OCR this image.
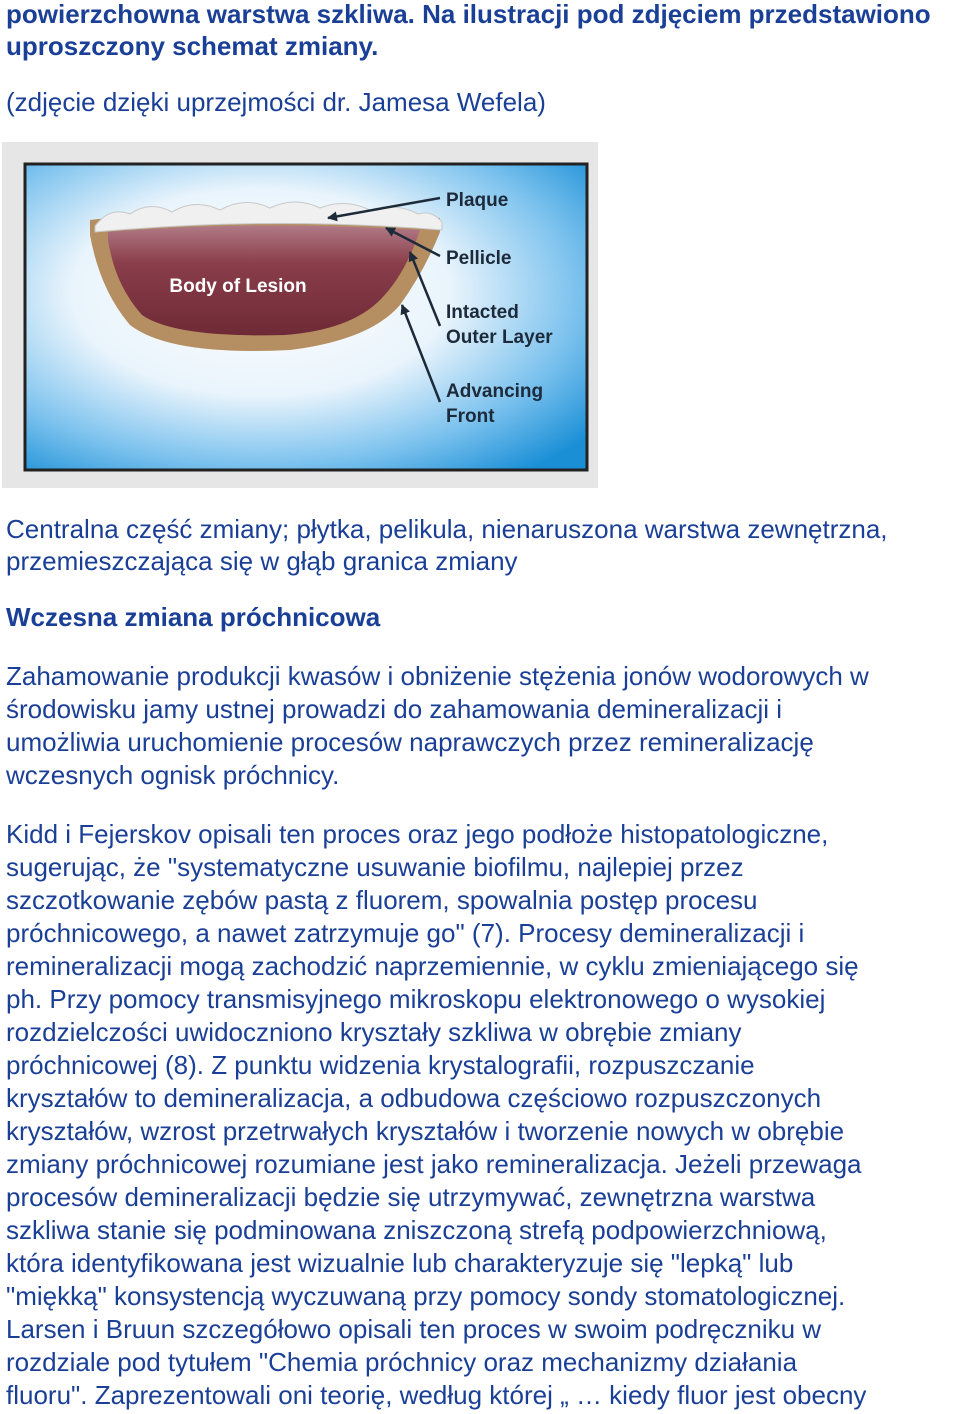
powierzchowna warstwa szkliwa. Na ilustracji pod zdjęciem przedstawiono

uproszczony schemat zmiany.

(zdjęcie dzięki uprzejmości dr. Jamesa Wefela)

Body of Lesion
Plaque
Pellicle
Intacted
Outer Layer
Advancing
Front

Centralna część zmiany; płytka, pelikula, nienaruszona warstwa zewnętrzna,

przemieszczająca się w głąb granica zmiany

Wczesna zmiana próchnicowa

Zahamowanie produkcji kwasów i obniżenie stężenia jonów wodorowych w

środowisku jamy ustnej prowadzi do zahamowania demineralizacji i

umożliwia uruchomienie procesów naprawczych przez remineralizację

wczesnych ognisk próchnicy.

Kidd i Fejerskov opisali ten proces oraz jego podłoże histopatologiczne,

sugerując, że "systematyczne usuwanie biofilmu, najlepiej przez

szczotkowanie zębów pastą z fluorem, spowalnia postęp procesu

próchnicowego, a nawet zatrzymuje go" (7). Procesy demineralizacji i

remineralizacji mogą zachodzić naprzemiennie, w cyklu zmieniającego się

ph. Przy pomocy transmisyjnego mikroskopu elektronowego o wysokiej

rozdzielczości uwidoczniono kryształy szkliwa w obrębie zmiany

próchnicowej (8). Z punktu widzenia krystalografii, rozpuszczanie

kryształów to demineralizacja, a odbudowa częściowo rozpuszczonych

kryształów, wzrost przetrwałych kryształów i tworzenie nowych w obrębie

zmiany próchnicowej rozumiane jest jako remineralizacja. Jeżeli przewaga

procesów demineralizacji będzie się utrzymywać, zewnętrzna warstwa

szkliwa stanie się podminowana zniszczoną strefą podpowierzchniową,

która identyfikowana jest wizualnie lub charakteryzuje się "lepką" lub

"miękką" konsystencją wyczuwaną przy pomocy sondy stomatologicznej.

Larsen i Bruun szczegółowo opisali ten proces w swoim podręczniku w

rozdziale pod tytułem "Chemia próchnicy oraz mechanizmy działania

fluoru". Zaprezentowali oni teorię, według której „ … kiedy fluor jest obecny
